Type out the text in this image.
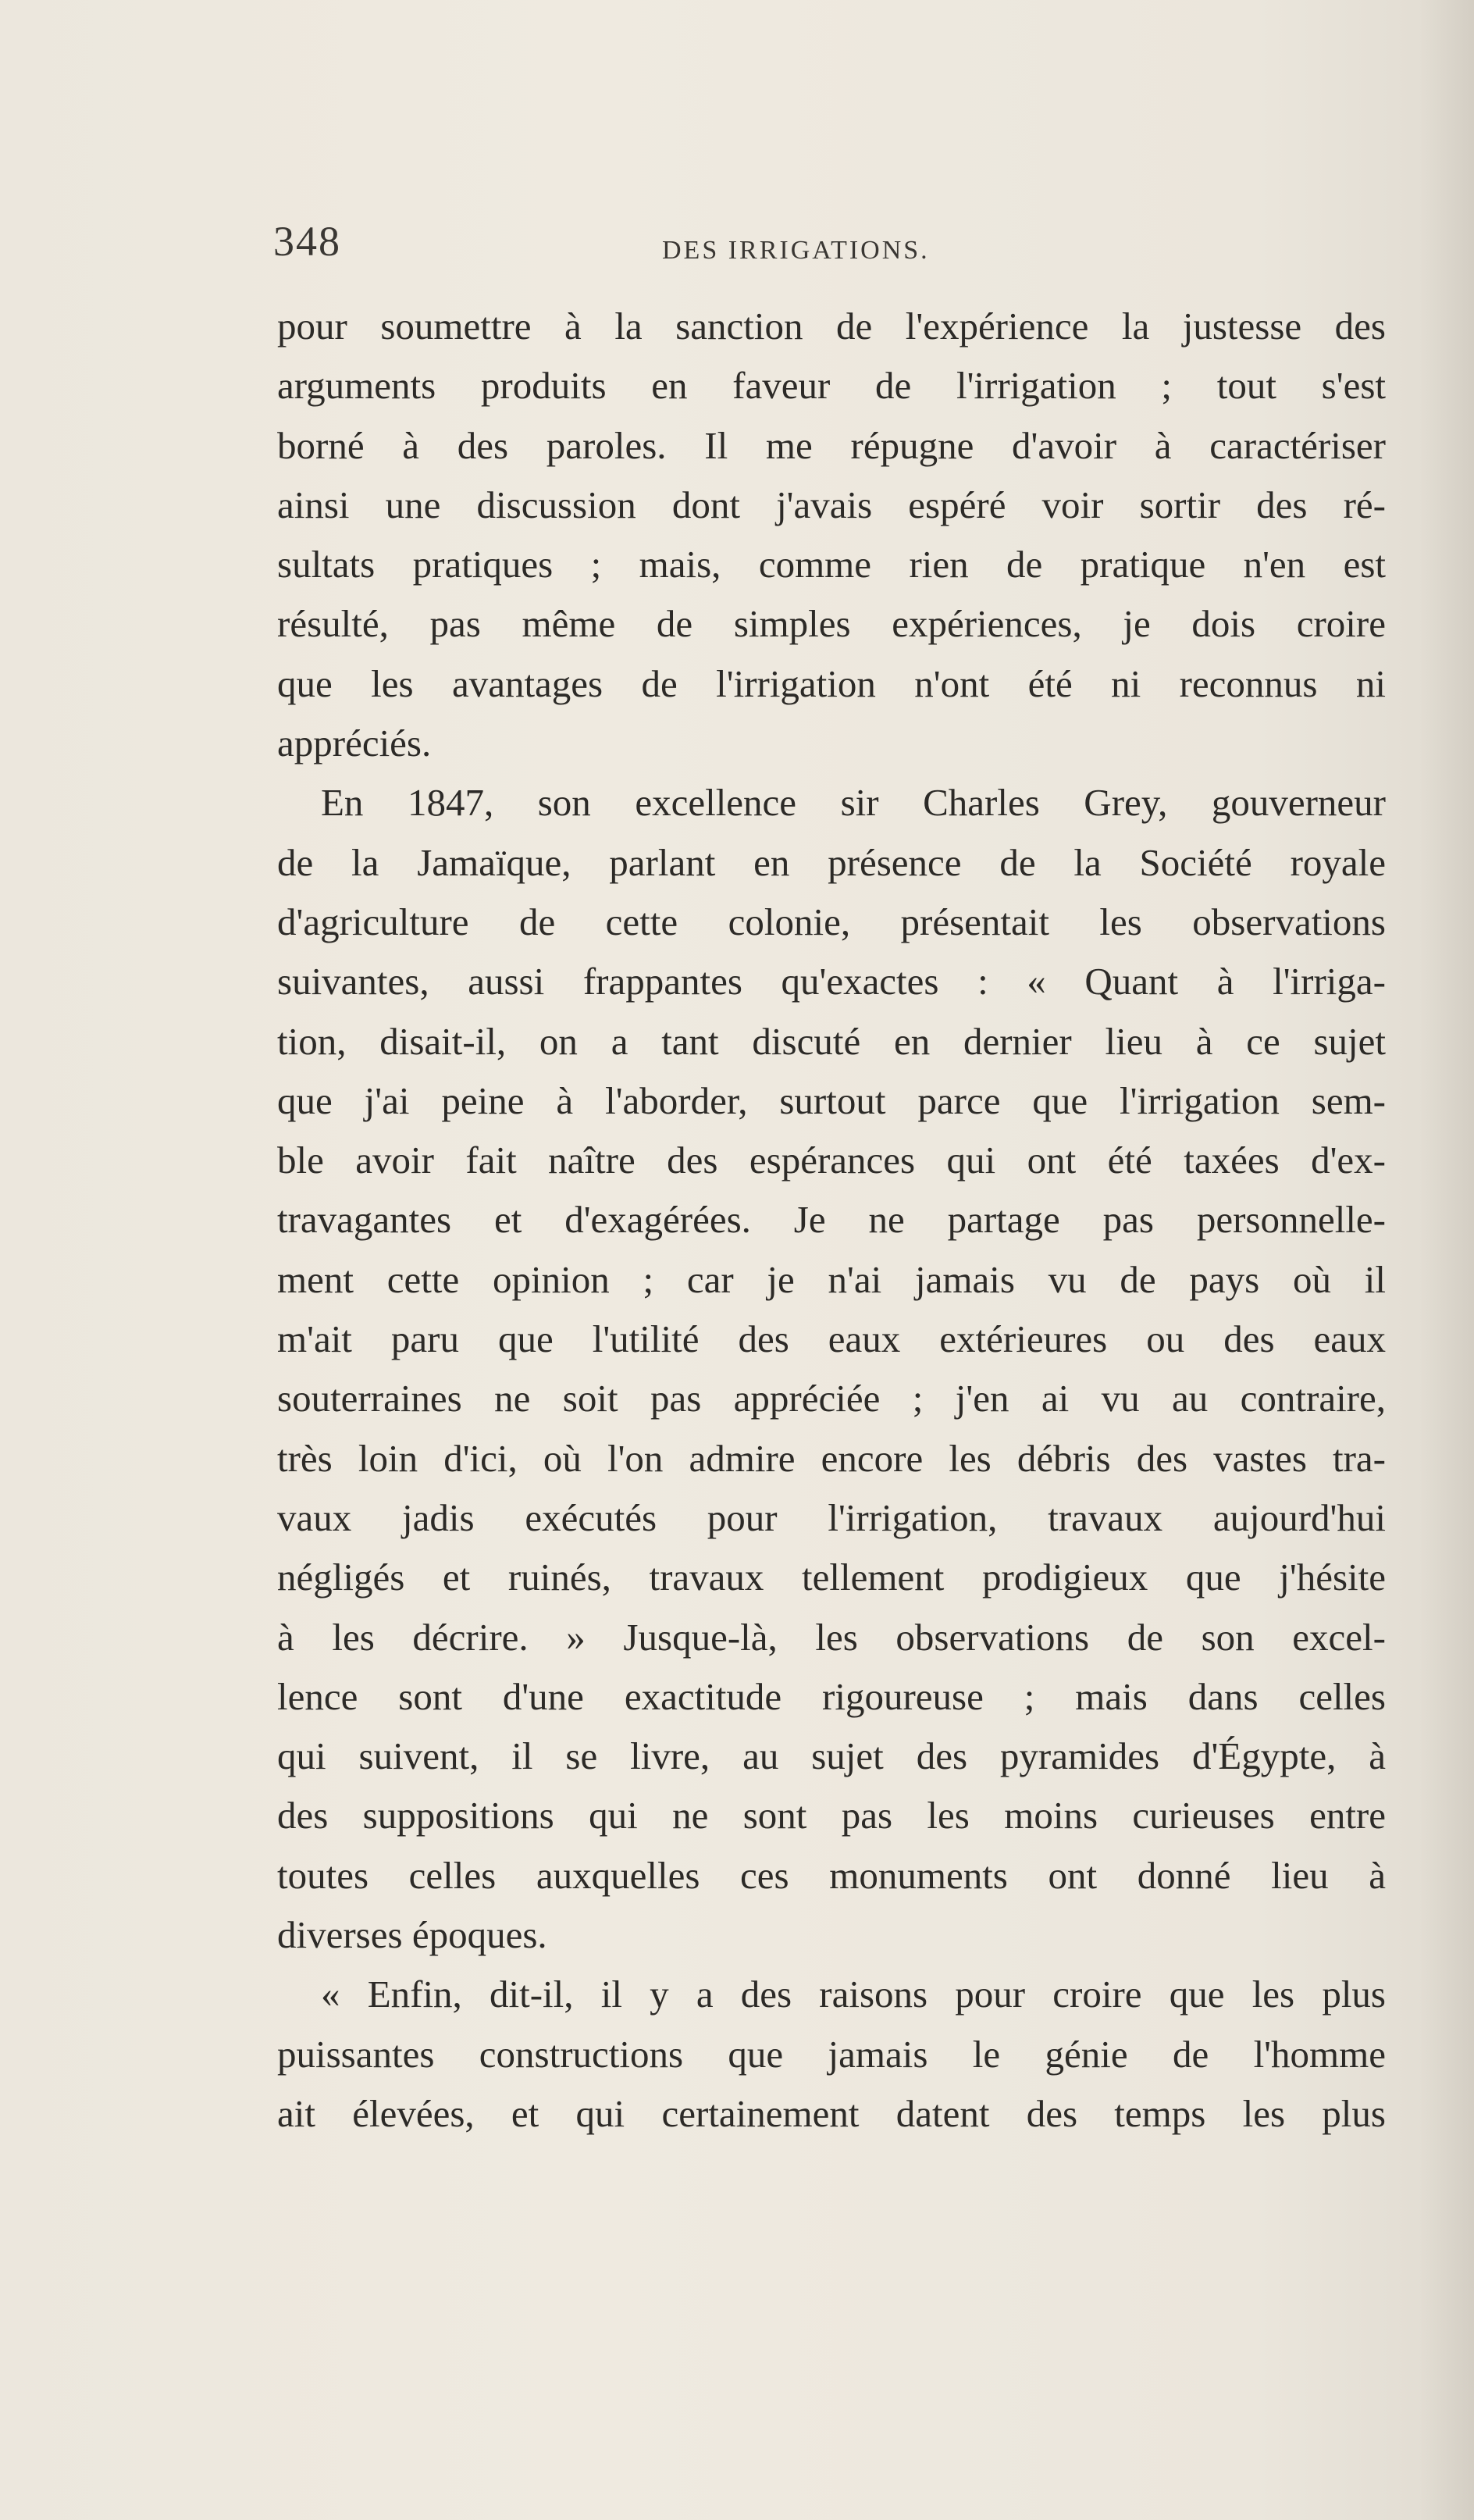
348	DES IRRIGATIONS.
pour soumettre à la sanction de l'expérience la justesse des
arguments produits en faveur de l'irrigation ; tout s'est
borné à des paroles. Il me répugne d'avoir à caractériser
ainsi une discussion dont j'avais espéré voir sortir des ré-
sultats pratiques ; mais, comme rien de pratique n'en est
résulté, pas même de simples expériences, je dois croire
que les avantages de l'irrigation n'ont été ni reconnus ni
appréciés.
En 1847, son excellence sir Charles Grey, gouverneur
de la Jamaïque, parlant en présence de la Société royale
d'agriculture de cette colonie, présentait les observations
suivantes, aussi frappantes qu'exactes : « Quant à l'irriga-
tion, disait-il, on a tant discuté en dernier lieu à ce sujet
que j'ai peine à l'aborder, surtout parce que l'irrigation sem-
ble avoir fait naître des espérances qui ont été taxées d'ex-
travagantes et d'exagérées. Je ne partage pas personnelle-
ment cette opinion ; car je n'ai jamais vu de pays où il
m'ait paru que l'utilité des eaux extérieures ou des eaux
souterraines ne soit pas appréciée ; j'en ai vu au contraire,
très loin d'ici, où l'on admire encore les débris des vastes tra-
vaux jadis exécutés pour l'irrigation, travaux aujourd'hui
négligés et ruinés, travaux tellement prodigieux que j'hésite
à les décrire. » Jusque-là, les observations de son excel-
lence sont d'une exactitude rigoureuse ; mais dans celles
qui suivent, il se livre, au sujet des pyramides d'Égypte, à
des suppositions qui ne sont pas les moins curieuses entre
toutes celles auxquelles ces monuments ont donné lieu à
diverses époques.
« Enfin, dit-il, il y a des raisons pour croire que les plus
puissantes constructions que jamais le génie de l'homme
ait élevées, et qui certainement datent des temps les plus
